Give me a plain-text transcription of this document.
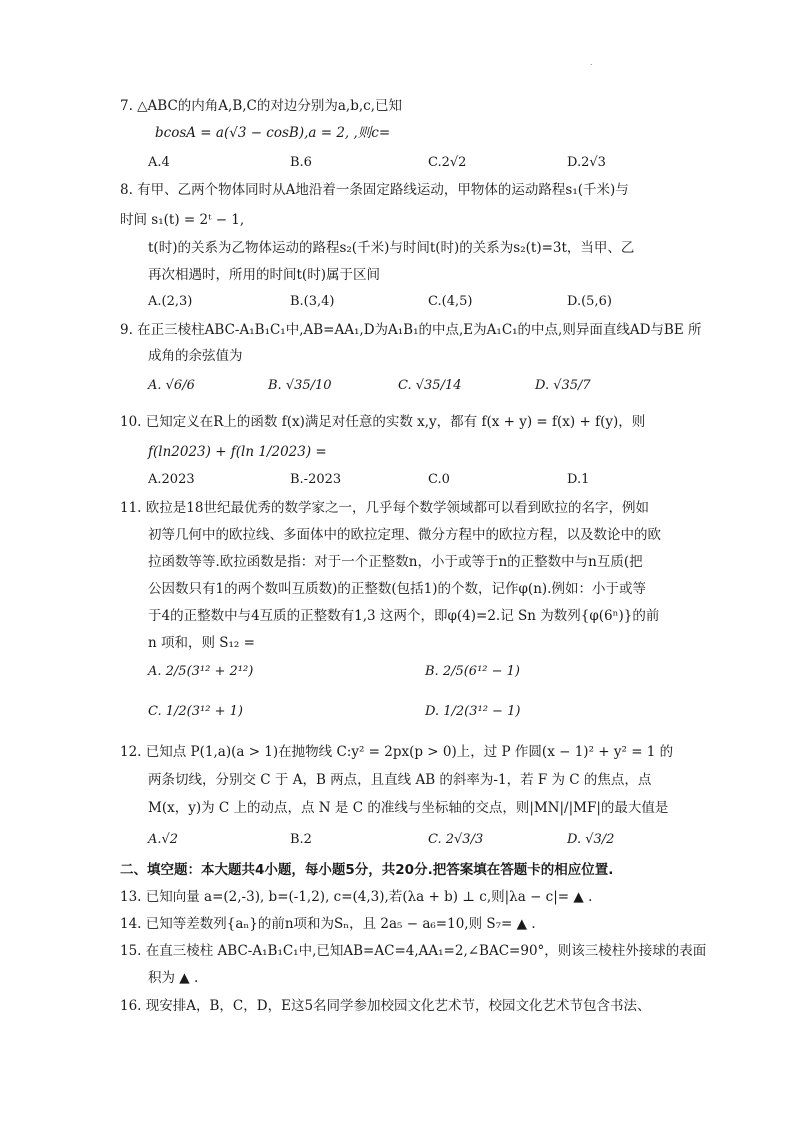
.
7. △ABC的内角A,B,C的对边分别为a,b,c,已知
bcosA = a(√3 − cosB),a = 2, ,则c=
A.4	B.6	C.2√2	D.2√3
8. 有甲、乙两个物体同时从A地沿着一条固定路线运动，甲物体的运动路程s₁(千米)与
时间 s₁(t) = 2ᵗ − 1,
t(时)的关系为乙物体运动的路程s₂(千米)与时间t(时)的关系为s₂(t)=3t，当甲、乙
再次相遇时，所用的时间t(时)属于区间
A.(2,3)	B.(3,4)	C.(4,5)	D.(5,6)
9. 在正三棱柱ABC-A₁B₁C₁中,AB=AA₁,D为A₁B₁的中点,E为A₁C₁的中点,则异面直线AD与BE 所
成角的余弦值为
A. √6/6	B. √35/10	C. √35/14	D. √35/7
10. 已知定义在R上的函数 f(x)满足对任意的实数 x,y，都有 f(x + y) = f(x) + f(y)，则
f(ln2023) + f(ln 1/2023) =
A.2023	B.-2023	C.0	D.1
11. 欧拉是18世纪最优秀的数学家之一，几乎每个数学领域都可以看到欧拉的名字，例如
初等几何中的欧拉线、多面体中的欧拉定理、微分方程中的欧拉方程，以及数论中的欧
拉函数等等.欧拉函数是指：对于一个正整数n，小于或等于n的正整数中与n互质(把
公因数只有1的两个数叫互质数)的正整数(包括1)的个数，记作φ(n).例如：小于或等
于4的正整数中与4互质的正整数有1,3 这两个，即φ(4)=2.记 Sn 为数列{φ(6ⁿ)}的前
n 项和，则 S₁₂ =
A. 2/5(3¹² + 2¹²)	B. 2/5(6¹² − 1)
C. 1/2(3¹² + 1)	D. 1/2(3¹² − 1)
12. 已知点 P(1,a)(a > 1)在抛物线 C:y² = 2px(p > 0)上，过 P 作圆(x − 1)² + y² = 1 的
两条切线，分别交 C 于 A，B 两点，且直线 AB 的斜率为-1，若 F 为 C 的焦点，点
M(x，y)为 C 上的动点，点 N 是 C 的准线与坐标轴的交点，则|MN|/|MF|的最大值是
A.√2	B.2	C. 2√3/3	D. √3/2
二、填空题：本大题共4小题，每小题5分，共20分.把答案填在答题卡的相应位置.
13. 已知向量 a=(2,-3), b=(-1,2), c=(4,3),若(λa + b) ⊥ c,则|λa − c|= ▲ .
14. 已知等差数列{aₙ}的前n项和为Sₙ，且 2a₅ − a₆=10,则 S₇= ▲ .
15. 在直三棱柱 ABC-A₁B₁C₁中,已知AB=AC=4,AA₁=2,∠BAC=90°，则该三棱柱外接球的表面
积为 ▲ .
16. 现安排A，B，C，D，E这5名同学参加校园文化艺术节，校园文化艺术节包含书法、
